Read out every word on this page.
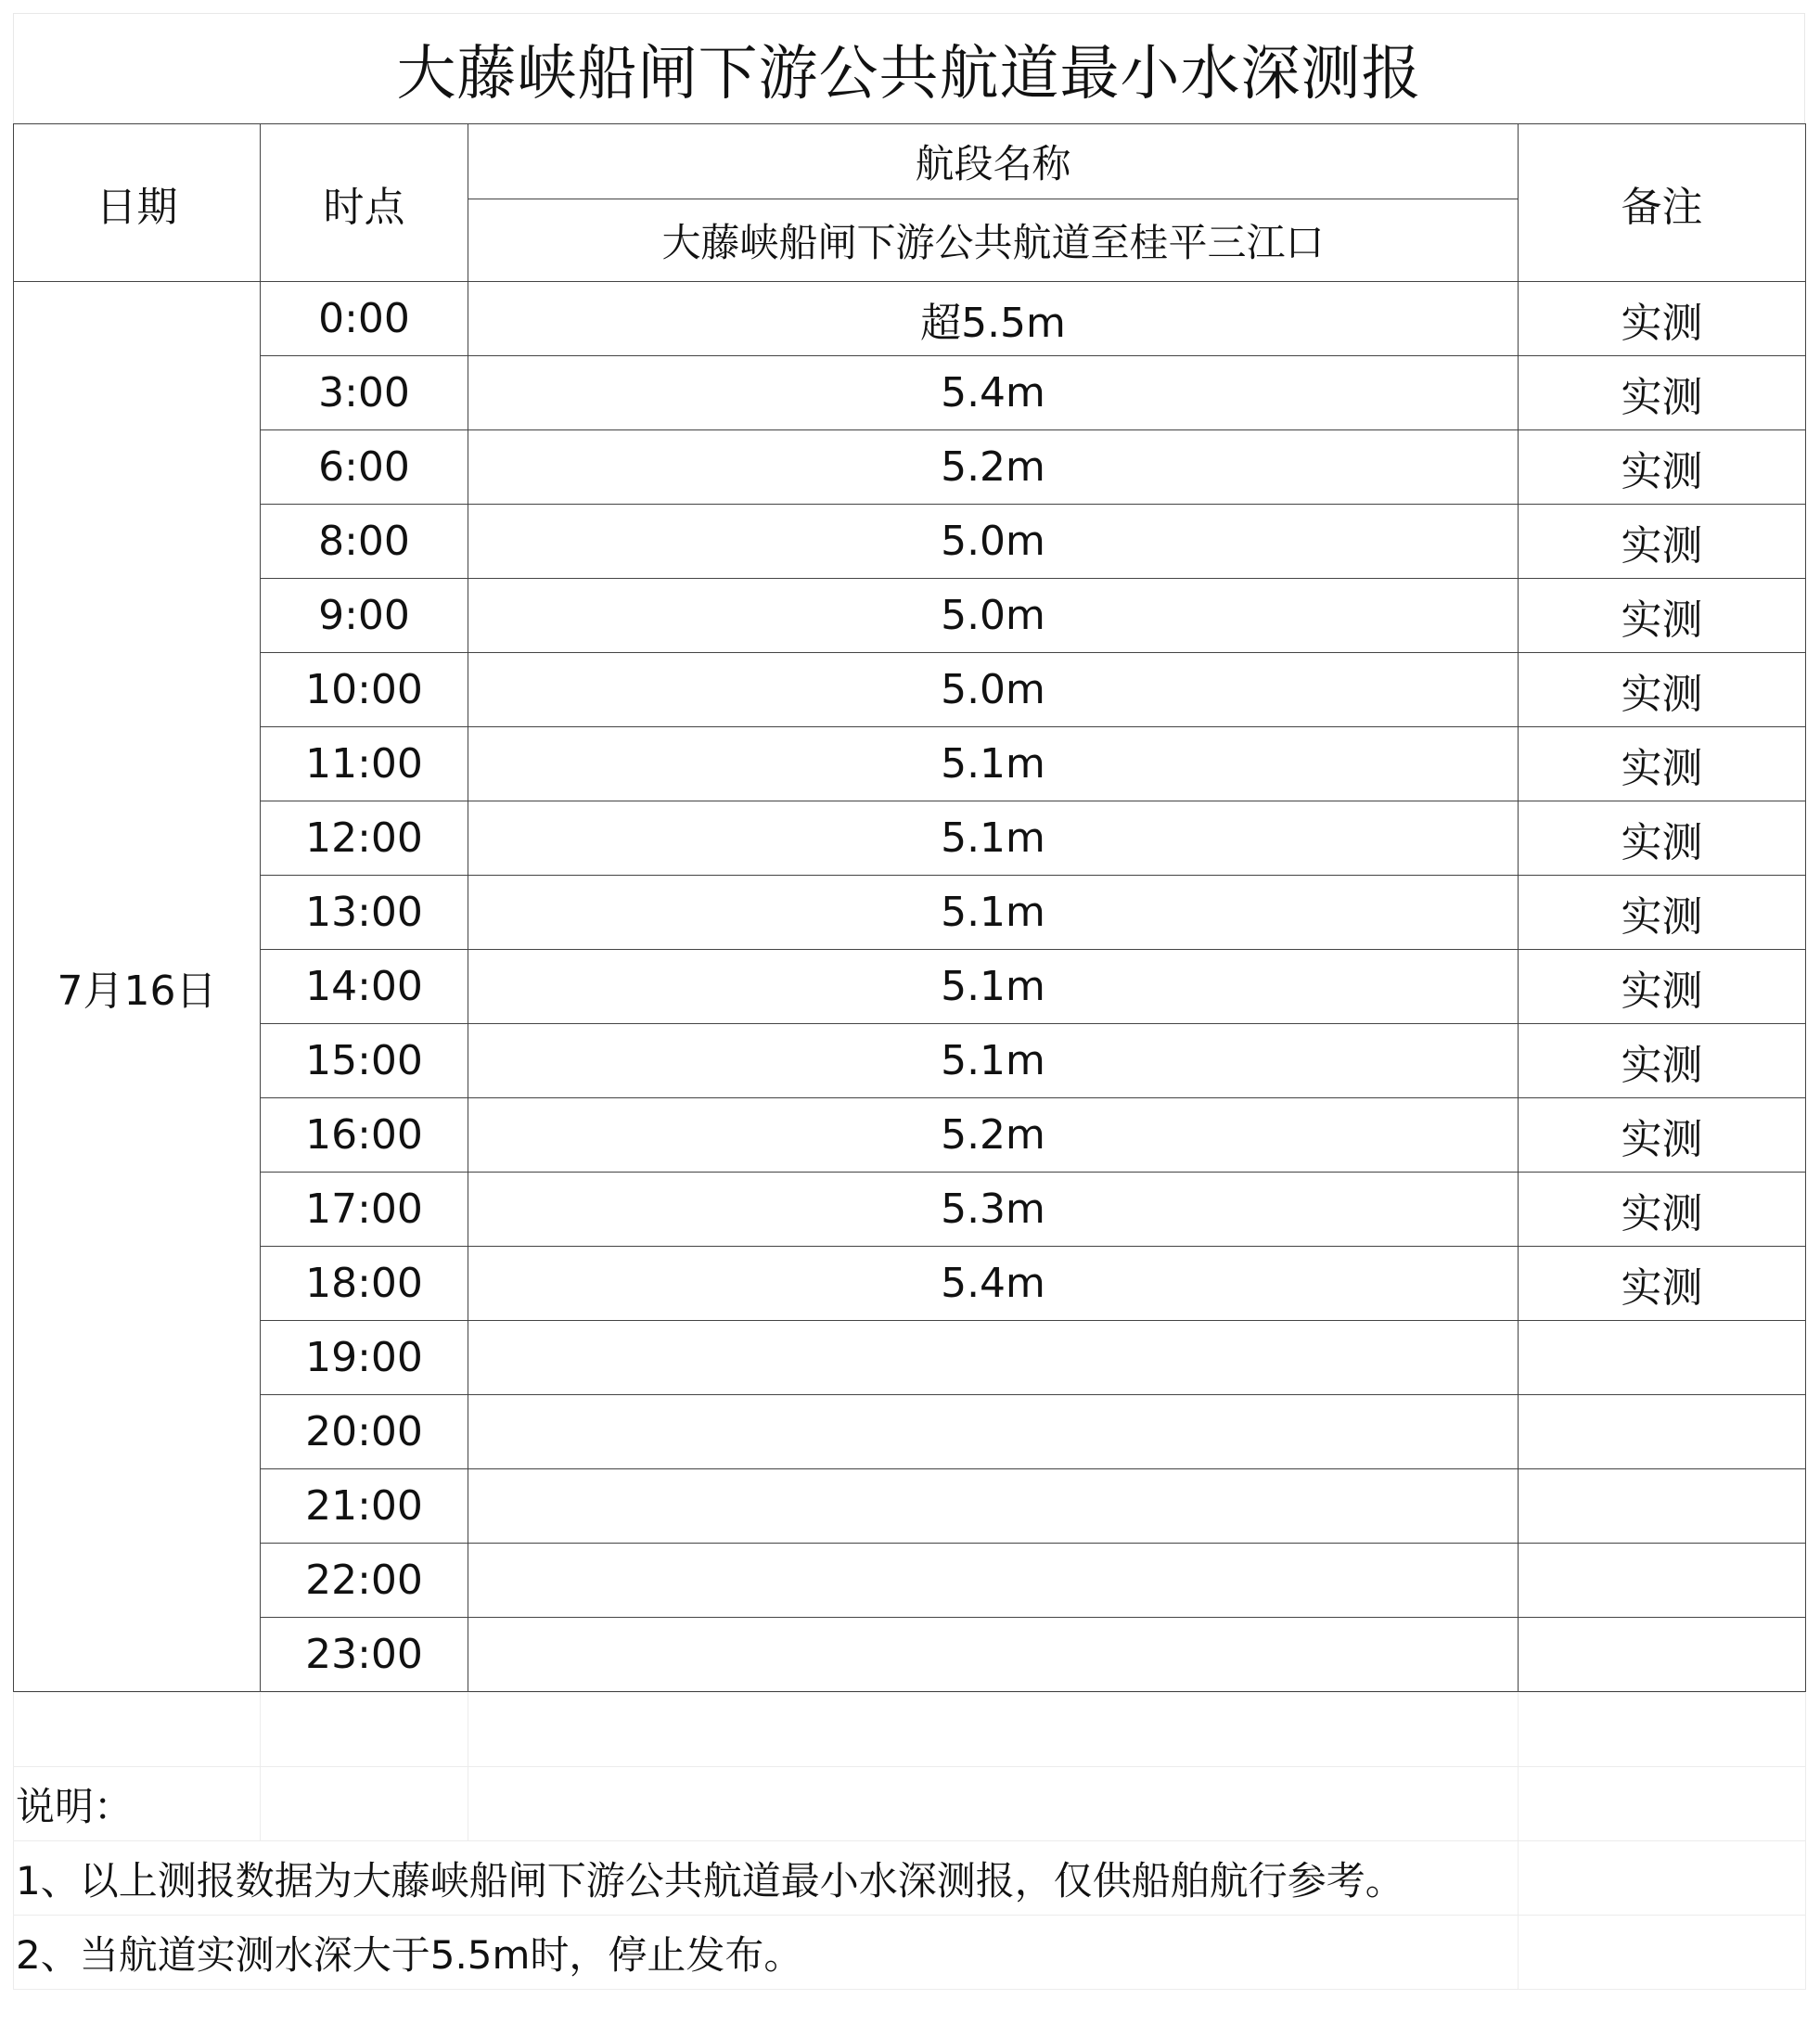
大藤峡船闸下游公共航道最小水深测报
日期	时点	航段名称	备注
		大藤峡船闸下游公共航道至桂平三江口	
7月16日	0:00	超5.5m	实测
	3:00	5.4m	实测
	6:00	5.2m	实测
	8:00	5.0m	实测
	9:00	5.0m	实测
	10:00	5.0m	实测
	11:00	5.1m	实测
	12:00	5.1m	实测
	13:00	5.1m	实测
	14:00	5.1m	实测
	15:00	5.1m	实测
	16:00	5.2m	实测
	17:00	5.3m	实测
	18:00	5.4m	实测
	19:00		
	20:00		
	21:00		
	22:00		
	23:00		

说明：			
1、以上测报数据为大藤峡船闸下游公共航道最小水深测报，仅供船舶航行参考。			
2、当航道实测水深大于5.5m时，停止发布。			
